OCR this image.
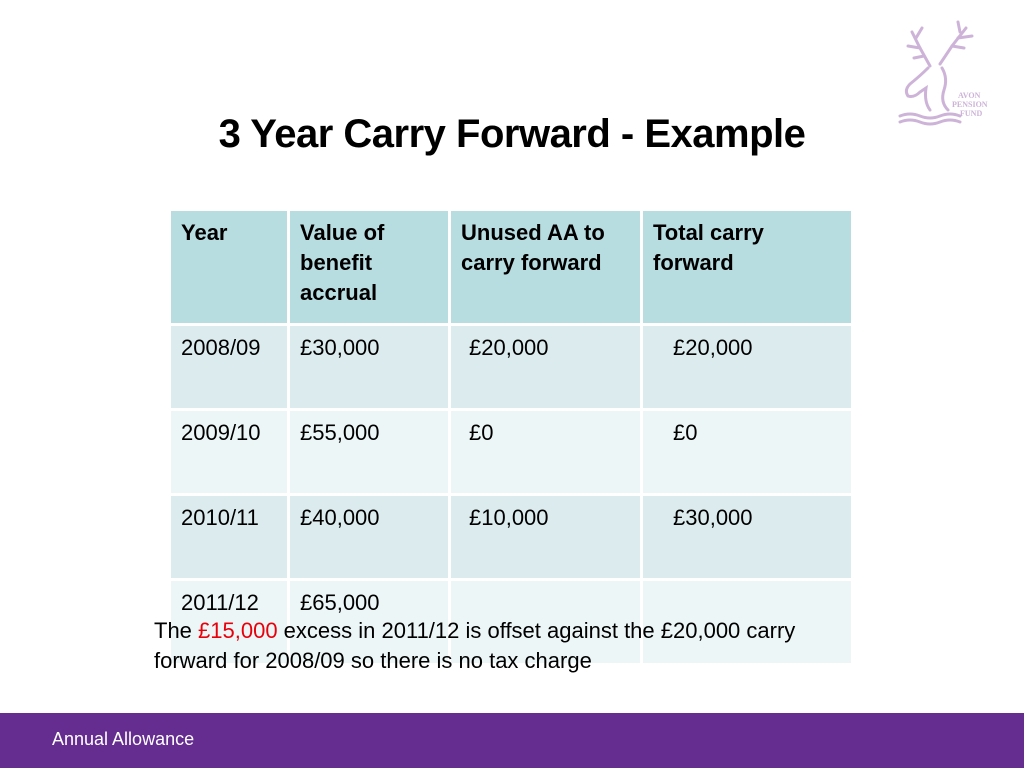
AVON
PENSION
FUND
3 Year Carry Forward - Example
Year	Value of benefit accrual	Unused AA to carry forward	Total carry forward
2008/09	£30,000	£20,000	£20,000
2009/10	£55,000	£0	£0
2010/11	£40,000	£10,000	£30,000
2011/12	£65,000		
The £15,000 excess in 2011/12 is offset against the £20,000 carry forward for 2008/09 so there is no tax charge
Annual Allowance
